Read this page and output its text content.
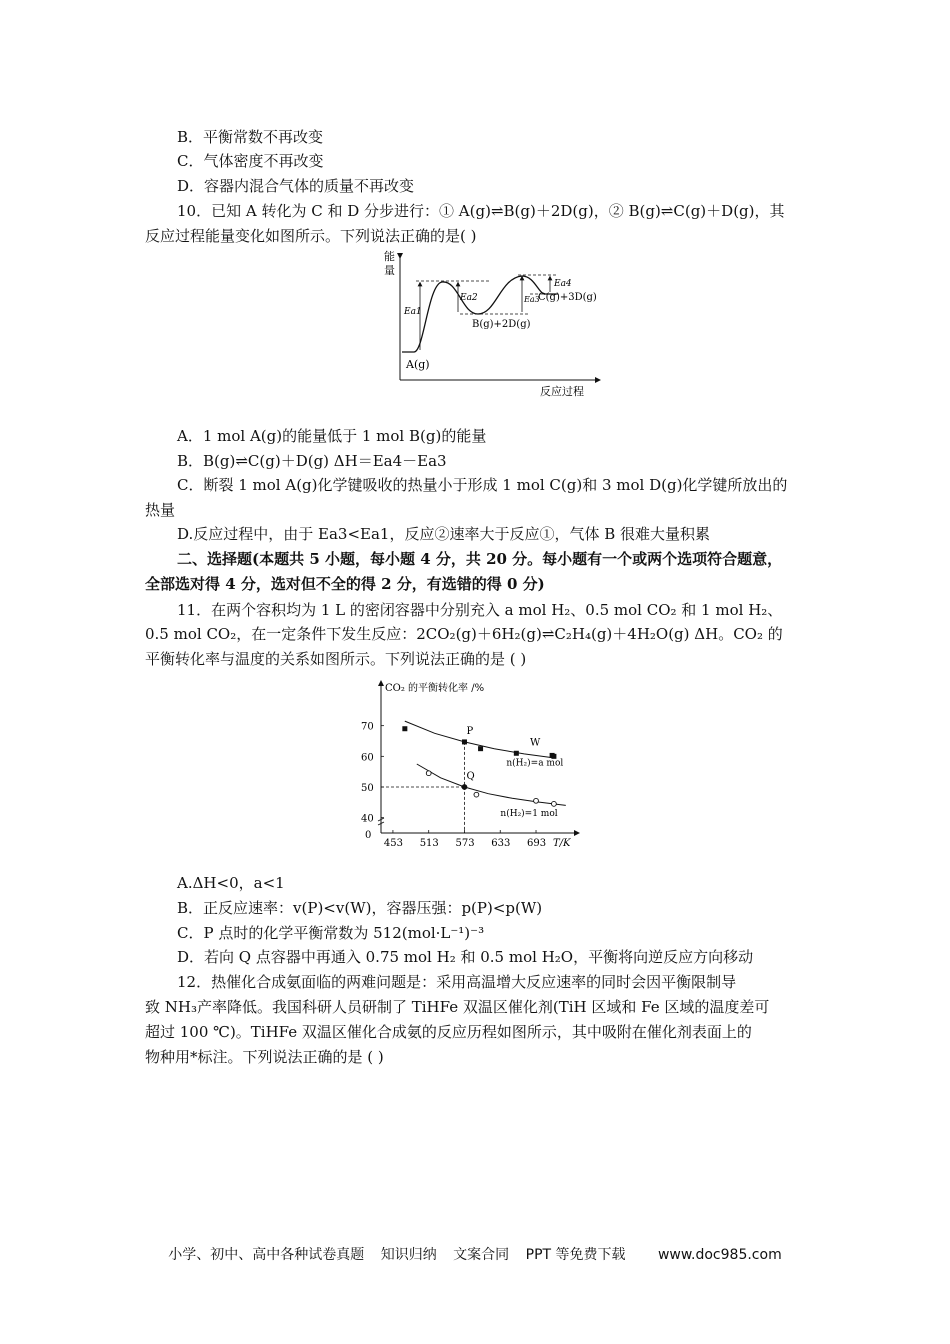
B．平衡常数不再改变
C．气体密度不再改变
D．容器内混合气体的质量不再改变
10．已知 A 转化为 C 和 D 分步进行：① A(g)⇌B(g)＋2D(g)，② B(g)⇌C(g)＋D(g)，其
反应过程能量变化如图所示。下列说法正确的是( )
能
量
Ea1
Ea2	Ea3
Ea4
A(g)
B(g)+2D(g)
C(g)+3D(g)
反应过程
A．1 mol A(g)的能量低于 1 mol B(g)的能量
B．B(g)⇌C(g)＋D(g) ΔH＝Ea4－Ea3
C．断裂 1 mol A(g)化学键吸收的热量小于形成 1 mol C(g)和 3 mol D(g)化学键所放出的
热量
D.反应过程中，由于 Ea3<Ea1，反应②速率大于反应①，气体 B 很难大量积累
二、选择题(本题共 5 小题，每小题 4 分，共 20 分。每小题有一个或两个选项符合题意，
全部选对得 4 分，选对但不全的得 2 分，有选错的得 0 分)
11．在两个容积均为 1 L 的密闭容器中分别充入 a mol H₂、0.5 mol CO₂ 和 1 mol H₂、
0.5 mol CO₂，在一定条件下发生反应：2CO₂(g)＋6H₂(g)⇌C₂H₄(g)＋4H₂O(g) ΔH。CO₂ 的
平衡转化率与温度的关系如图所示。下列说法正确的是 ( )
CO₂ 的平衡转化率 /%
0
T/K
453 513 573 633 693
40
50
60
70
n(H₂)=a mol
n(H₂)=1 mol
P
Q
W
A.ΔH<0，a<1
B．正反应速率：v(P)<v(W)，容器压强：p(P)<p(W)
C．P 点时的化学平衡常数为 512(mol·L⁻¹)⁻³
D．若向 Q 点容器中再通入 0.75 mol H₂ 和 0.5 mol H₂O，平衡将向逆反应方向移动
12．热催化合成氨面临的两难问题是：采用高温增大反应速率的同时会因平衡限制导
致 NH₃产率降低。我国科研人员研制了 TiHFe 双温区催化剂(TiH 区域和 Fe 区域的温度差可
超过 100 ℃)。TiHFe 双温区催化合成氨的反应历程如图所示，其中吸附在催化剂表面上的
物种用*标注。下列说法正确的是 ( )
小学、初中、高中各种试卷真题 知识归纳 文案合同 PPT 等免费下载 www.doc985.com
